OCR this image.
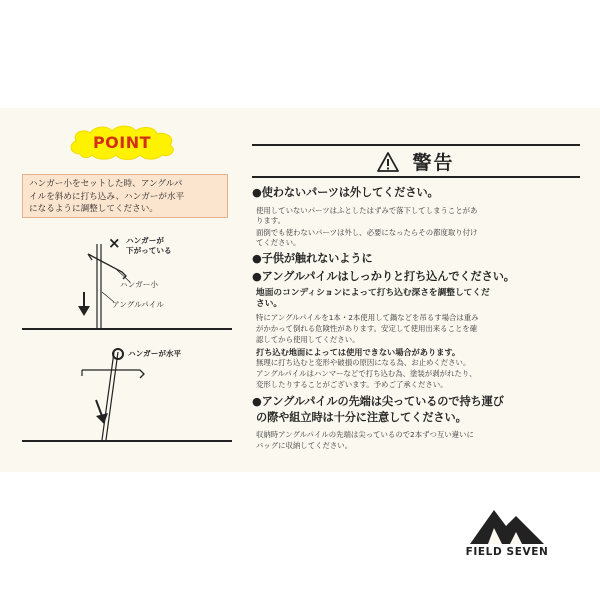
POINT
ハンガー小をセットした時、アングルパ
イルを斜めに打ち込み、ハンガーが水平
になるように調整してください。
× ハンガーが
下がっている
ハンガー小
アングルパイル
ハンガーが水平
警告
●使わないパーツは外してください。
使用していないパーツはふとしたはずみで落下してしまうことがあ
ります。
面倒でも使わないパーツは外し、必要になったらその都度取り付け
てください。
●子供が触れないように
●アングルパイルはしっかりと打ち込んでください。
地面のコンディションによって打ち込む深さを調整してくだ
さい。
特にアングルパイルを1本・2本使用して鍋などを吊るす場合は重み
がかかって倒れる危険性があります。安定して使用出来ることを確
認してから使用してください。
打ち込む地面によっては使用できない場合があります。
無理に打ち込むと変形や破損の原因になる為、お止めください。
アングルパイルはハンマーなどで打ち込む為、塗装が剥がれたり、
変形したりすることがございます。予めご了承ください。
●アングルパイルの先端は尖っているので持ち運び
の際や組立時は十分に注意してください。
収納時アングルパイルの先端は尖っているので2本ずつ互い違いに
バッグに収納してください。
FIELD SEVEN
